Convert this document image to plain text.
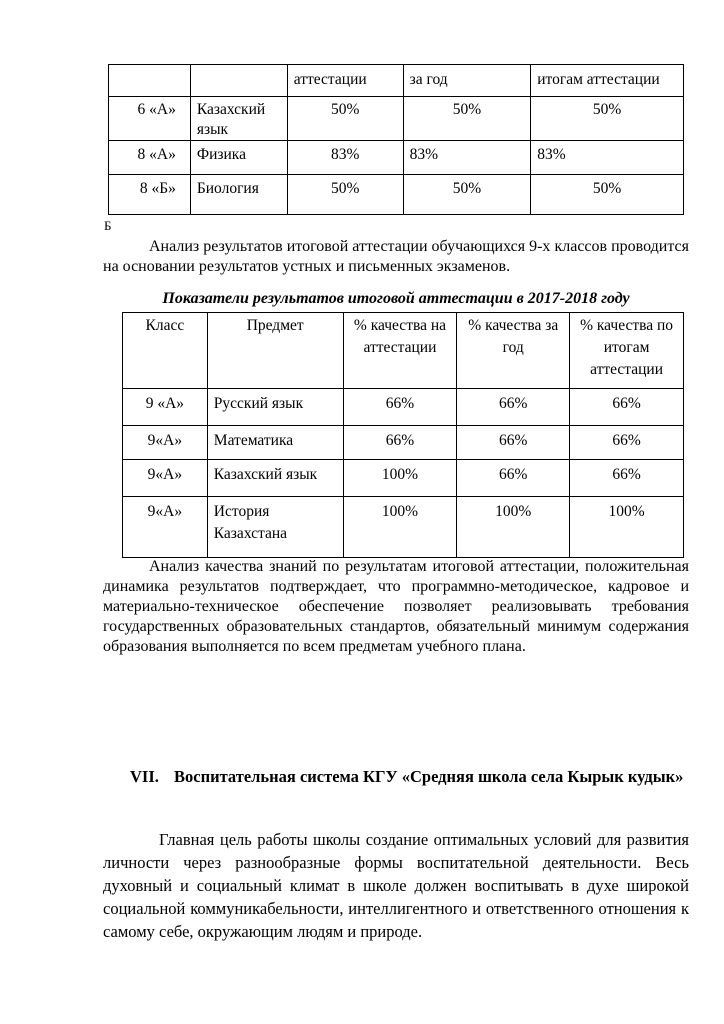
		аттестации	за год	итогам аттестации
6 «А»	Казахский язык	50%	50%	50%
8 «А»	Физика	83%	83%	83%
8 «Б»	Биология	50%	50%	50%
Б
Анализ результатов итоговой аттестации обучающихся 9-х классов проводится на основании результатов устных и письменных экзаменов.
Показатели результатов итоговой аттестации в 2017-2018 году
Класс	Предмет	% качества на аттестации	% качества за год	% качества по итогам аттестации
9 «А»	Русский язык	66%	66%	66%
9«А»	Математика	66%	66%	66%
9«А»	Казахский язык	100%	66%	66%
9«А»	История Казахстана	100%	100%	100%
Анализ качества знаний по результатам итоговой аттестации, положительная динамика результатов подтверждает, что программно-методическое, кадровое и материально-техническое обеспечение позволяет реализовывать требования государственных образовательных стандартов, обязательный минимум содержания образования выполняется по всем предметам учебного плана.
VII. Воспитательная система КГУ «Средняя школа села Кырык кудык»
Главная цель работы школы создание оптимальных условий для развития личности через разнообразные формы воспитательной деятельности. Весь духовный и социальный климат в школе должен воспитывать в духе широкой социальной коммуникабельности, интеллигентного и ответственного отношения к самому себе, окружающим людям и природе.
